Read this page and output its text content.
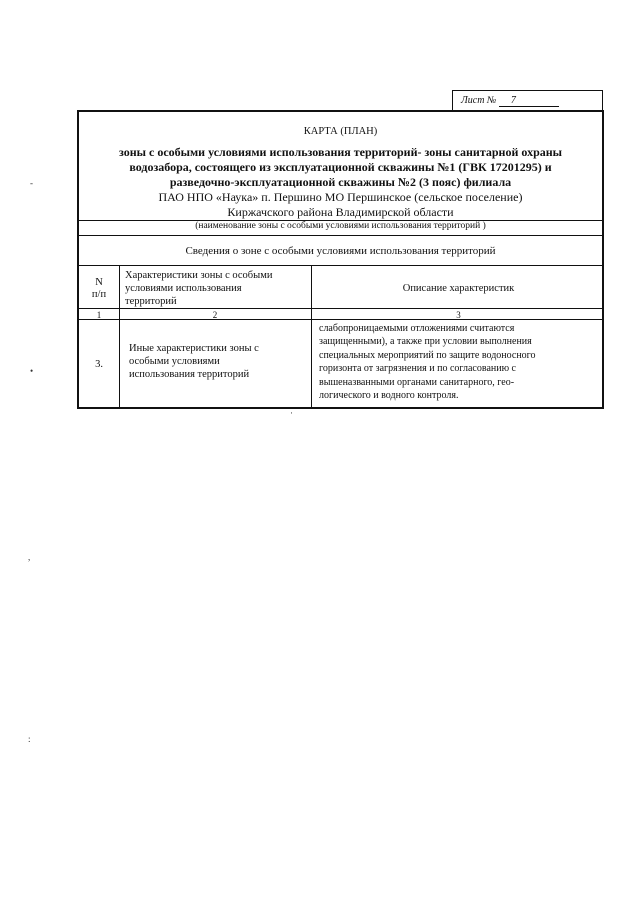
Лист № 7
КАРТА (ПЛАН)
зоны с особыми условиями использования территорий- зоны санитарной охраны
водозабора, состоящего из эксплуатационной скважины №1 (ГВК 17201295) и
разведочно-эксплуатационной скважины №2 (3 пояс) филиала
ПАО НПО «Наука» п. Першино МО Першинское (сельское поселение)
Киржачского района Владимирской области
(наименование зоны с особыми условиями использования территорий )
Сведения о зоне с особыми условиями использования территорий
N
п/п
Характеристики зоны с особыми
условиями использования
территорий
Описание характеристик
1	2	3
3.
Иные характеристики зоны с
особыми условиями
использования территорий
слабопроницаемыми отложениями считаются
защищенными), а также при условии выполнения
специальных мероприятий по защите водоносного
горизонта от загрязнения и по согласованию с
вышеназванными органами санитарного, гео-
логического и водного контроля.
-
•
·
,
:
